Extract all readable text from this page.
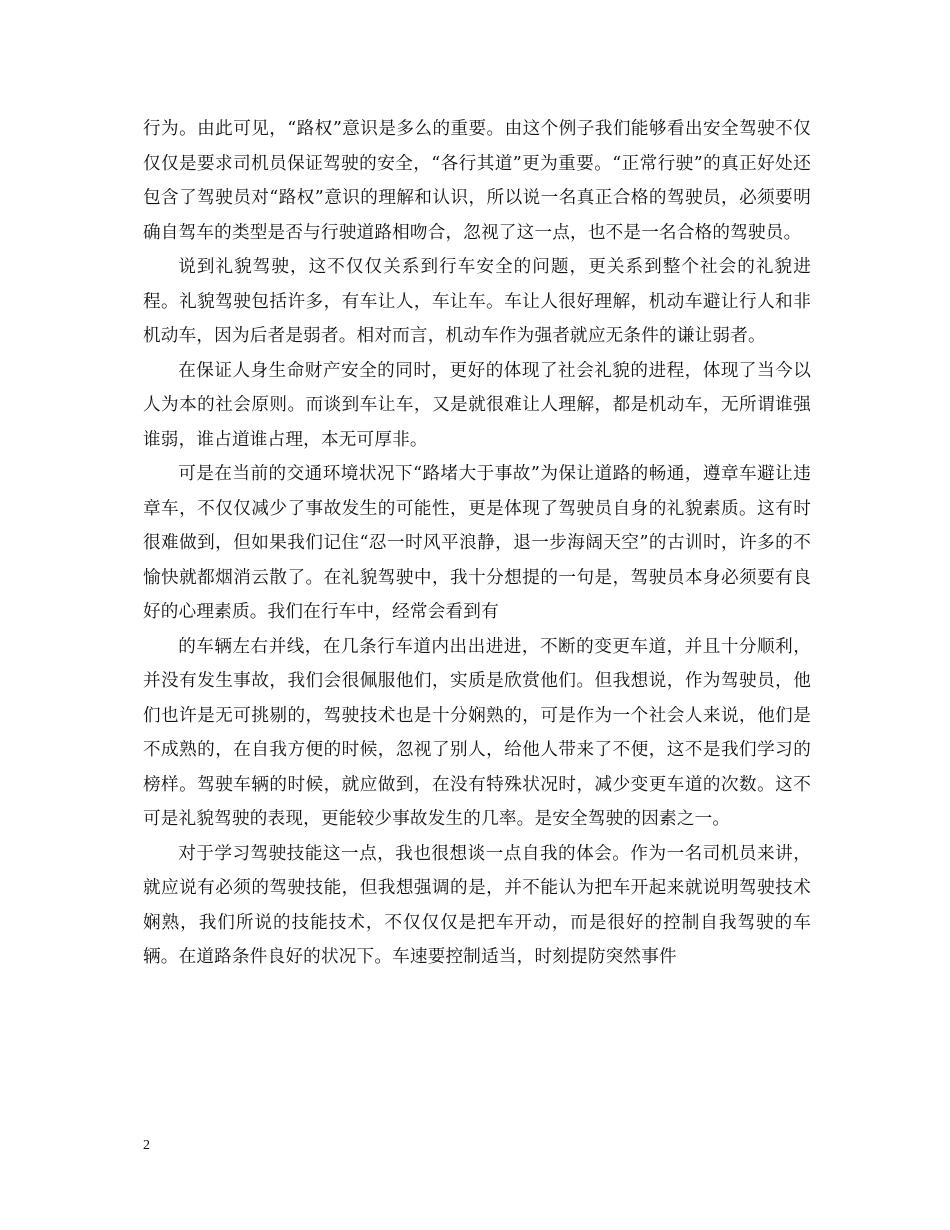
行为。由此可见，“路权”意识是多么的重要。由这个例子我们能够看出安全驾驶不仅仅仅是要求司机员保证驾驶的安全，“各行其道”更为重要。“正常行驶”的真正好处还包含了驾驶员对“路权”意识的理解和认识，所以说一名真正合格的驾驶员，必须要明确自驾车的类型是否与行驶道路相吻合，忽视了这一点，也不是一名合格的驾驶员。

说到礼貌驾驶，这不仅仅关系到行车安全的问题，更关系到整个社会的礼貌进程。礼貌驾驶包括许多，有车让人，车让车。车让人很好理解，机动车避让行人和非机动车，因为后者是弱者。相对而言，机动车作为强者就应无条件的谦让弱者。

在保证人身生命财产安全的同时，更好的体现了社会礼貌的进程，体现了当今以人为本的社会原则。而谈到车让车，又是就很难让人理解，都是机动车，无所谓谁强谁弱，谁占道谁占理，本无可厚非。

可是在当前的交通环境状况下“路堵大于事故”为保让道路的畅通，遵章车避让违章车，不仅仅减少了事故发生的可能性，更是体现了驾驶员自身的礼貌素质。这有时很难做到，但如果我们记住“忍一时风平浪静，退一步海阔天空”的古训时，许多的不愉快就都烟消云散了。在礼貌驾驶中，我十分想提的一句是，驾驶员本身必须要有良好的心理素质。我们在行车中，经常会看到有

的车辆左右并线，在几条行车道内出出进进，不断的变更车道，并且十分顺利，并没有发生事故，我们会很佩服他们，实质是欣赏他们。但我想说，作为驾驶员，他们也许是无可挑剔的，驾驶技术也是十分娴熟的，可是作为一个社会人来说，他们是不成熟的，在自我方便的时候，忽视了别人，给他人带来了不便，这不是我们学习的榜样。驾驶车辆的时候，就应做到，在没有特殊状况时，减少变更车道的次数。这不可是礼貌驾驶的表现，更能较少事故发生的几率。是安全驾驶的因素之一。

对于学习驾驶技能这一点，我也很想谈一点自我的体会。作为一名司机员来讲，就应说有必须的驾驶技能，但我想强调的是，并不能认为把车开起来就说明驾驶技术娴熟，我们所说的技能技术，不仅仅仅是把车开动，而是很好的控制自我驾驶的车辆。在道路条件良好的状况下。车速要控制适当，时刻提防突然事件

2
